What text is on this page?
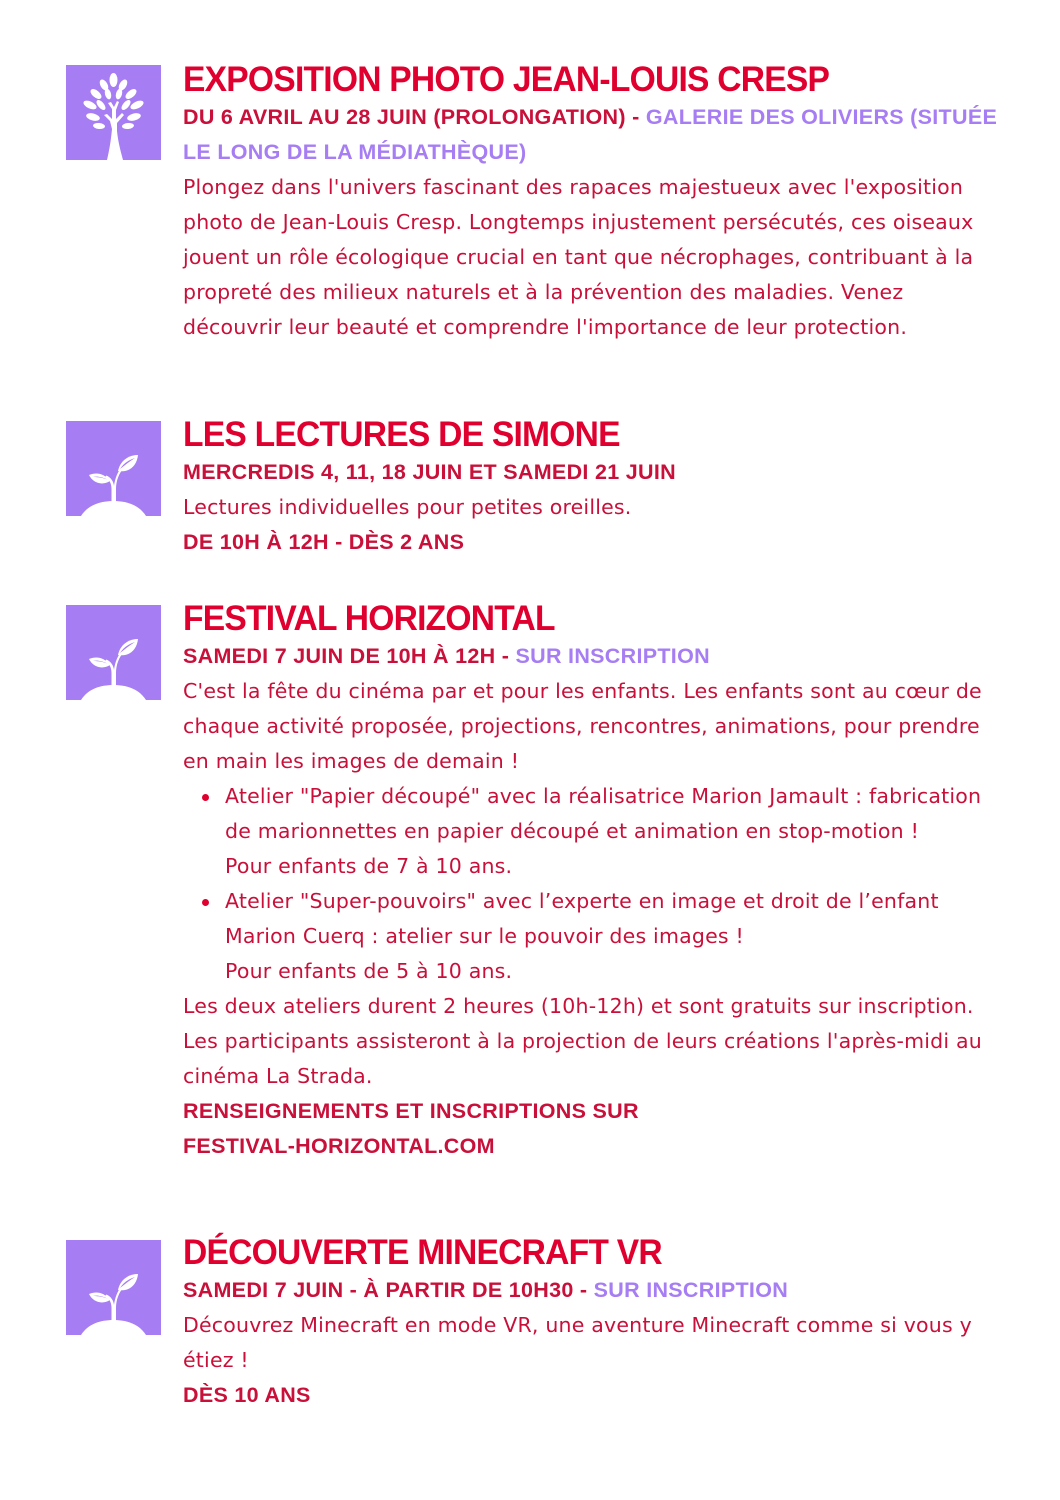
EXPOSITION PHOTO JEAN-LOUIS CRESP
DU 6 AVRIL AU 28 JUIN (PROLONGATION) - GALERIE DES OLIVIERS (SITUÉE LE LONG DE LA MÉDIATHÈQUE)
Plongez dans l'univers fascinant des rapaces majestueux avec l'exposition photo de Jean-Louis Cresp. Longtemps injustement persécutés, ces oiseaux jouent un rôle écologique crucial en tant que nécrophages, contribuant à la propreté des milieux naturels et à la prévention des maladies. Venez découvrir leur beauté et comprendre l'importance de leur protection.
LES LECTURES DE SIMONE
MERCREDIS 4, 11, 18 JUIN ET SAMEDI 21 JUIN
Lectures individuelles pour petites oreilles.
DE 10H À 12H - DÈS 2 ANS
FESTIVAL HORIZONTAL
SAMEDI 7 JUIN DE 10H À 12H - SUR INSCRIPTION
C'est la fête du cinéma par et pour les enfants. Les enfants sont au cœur de chaque activité proposée, projections, rencontres, animations, pour prendre en main les images de demain !
Atelier "Papier découpé" avec la réalisatrice Marion Jamault : fabrication de marionnettes en papier découpé et animation en stop-motion !
Pour enfants de 7 à 10 ans.
Atelier "Super-pouvoirs" avec l’experte en image et droit de l’enfant Marion Cuerq : atelier sur le pouvoir des images !
Pour enfants de 5 à 10 ans.
Les deux ateliers durent 2 heures (10h-12h) et sont gratuits sur inscription. Les participants assisteront à la projection de leurs créations l'après-midi au cinéma La Strada.
RENSEIGNEMENTS ET INSCRIPTIONS SUR
FESTIVAL-HORIZONTAL.COM
DÉCOUVERTE MINECRAFT VR
SAMEDI 7 JUIN - À PARTIR DE 10H30 - SUR INSCRIPTION
Découvrez Minecraft en mode VR, une aventure Minecraft comme si vous y étiez !
DÈS 10 ANS
